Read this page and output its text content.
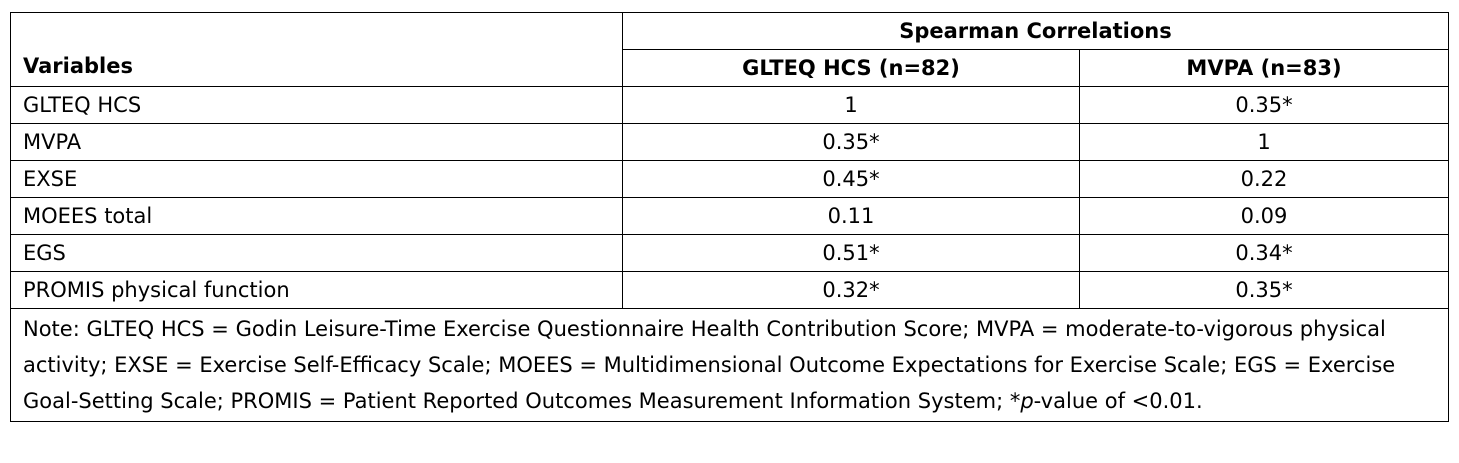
Variables	Spearman Correlations	
	GLTEQ HCS (n=82)	MVPA (n=83)
GLTEQ HCS	1	0.35*
MVPA	0.35*	1
EXSE	0.45*	0.22
MOEES total	0.11	0.09
EGS	0.51*	0.34*
PROMIS physical function	0.32*	0.35*
Note: GLTEQ HCS = Godin Leisure-Time Exercise Questionnaire Health Contribution Score; MVPA = moderate-to-vigorous physical activity; EXSE = Exercise Self-Efficacy Scale; MOEES = Multidimensional Outcome Expectations for Exercise Scale; EGS = Exercise Goal-Setting Scale; PROMIS = Patient Reported Outcomes Measurement Information System; *p-value of <0.01.		
